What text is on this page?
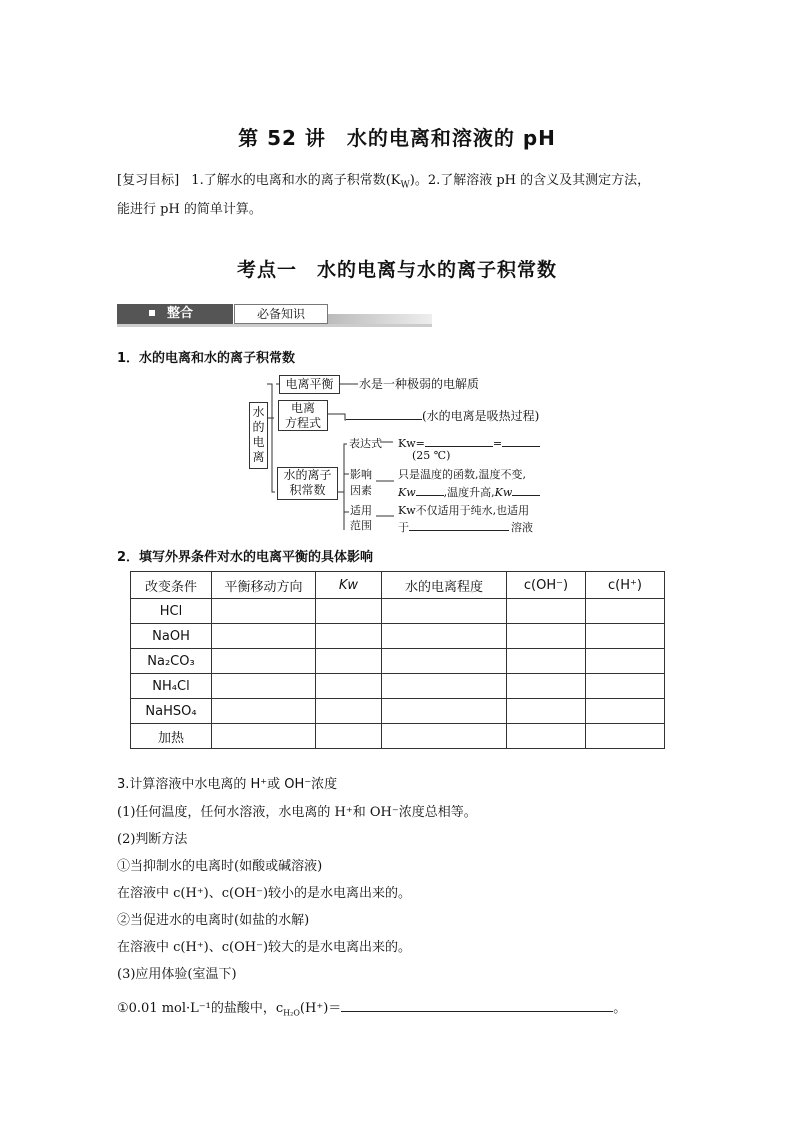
第 52 讲　水的电离和溶液的 pH
[复习目标] 1.了解水的电离和水的离子积常数$(K_W)$。2.了解溶液 pH 的含义及其测定方法，
能进行 pH 的简单计算。
考点一　水的电离与水的离子积常数
整合	必备知识
1．水的电离和水的离子积常数
水
的
电
离
电离平衡	水是一种极弱的电解质
电离
方程式	(水的电离是吸热过程)
水的离子
积常数
表达式 Kw=	=
(25 ℃)
影响
因素
只是温度的函数,温度不变,
Kw	,温度升高,Kw
适用
范围
Kw不仅适用于纯水,也适用
于	溶液
2．填写外界条件对水的电离平衡的具体影响
改变条件	平衡移动方向	Kw	水的电离程度	c(OH⁻)	c(H⁺)
HCl					
NaOH					
Na₂CO₃					
NH₄Cl					
NaHSO₄					
加热					
3.计算溶液中水电离的 H⁺或 OH⁻浓度
(1)任何温度，任何水溶液，水电离的 H⁺和 OH⁻浓度总相等。
(2)判断方法
①当抑制水的电离时(如酸或碱溶液)
在溶液中 c(H⁺)、c(OH⁻)较小的是水电离出来的。
②当促进水的电离时(如盐的水解)
在溶液中 c(H⁺)、c(OH⁻)较大的是水电离出来的。
(3)应用体验(室温下)
①0.01 mol·L⁻¹的盐酸中，$c_{H_2O}(H^+)=$	。
